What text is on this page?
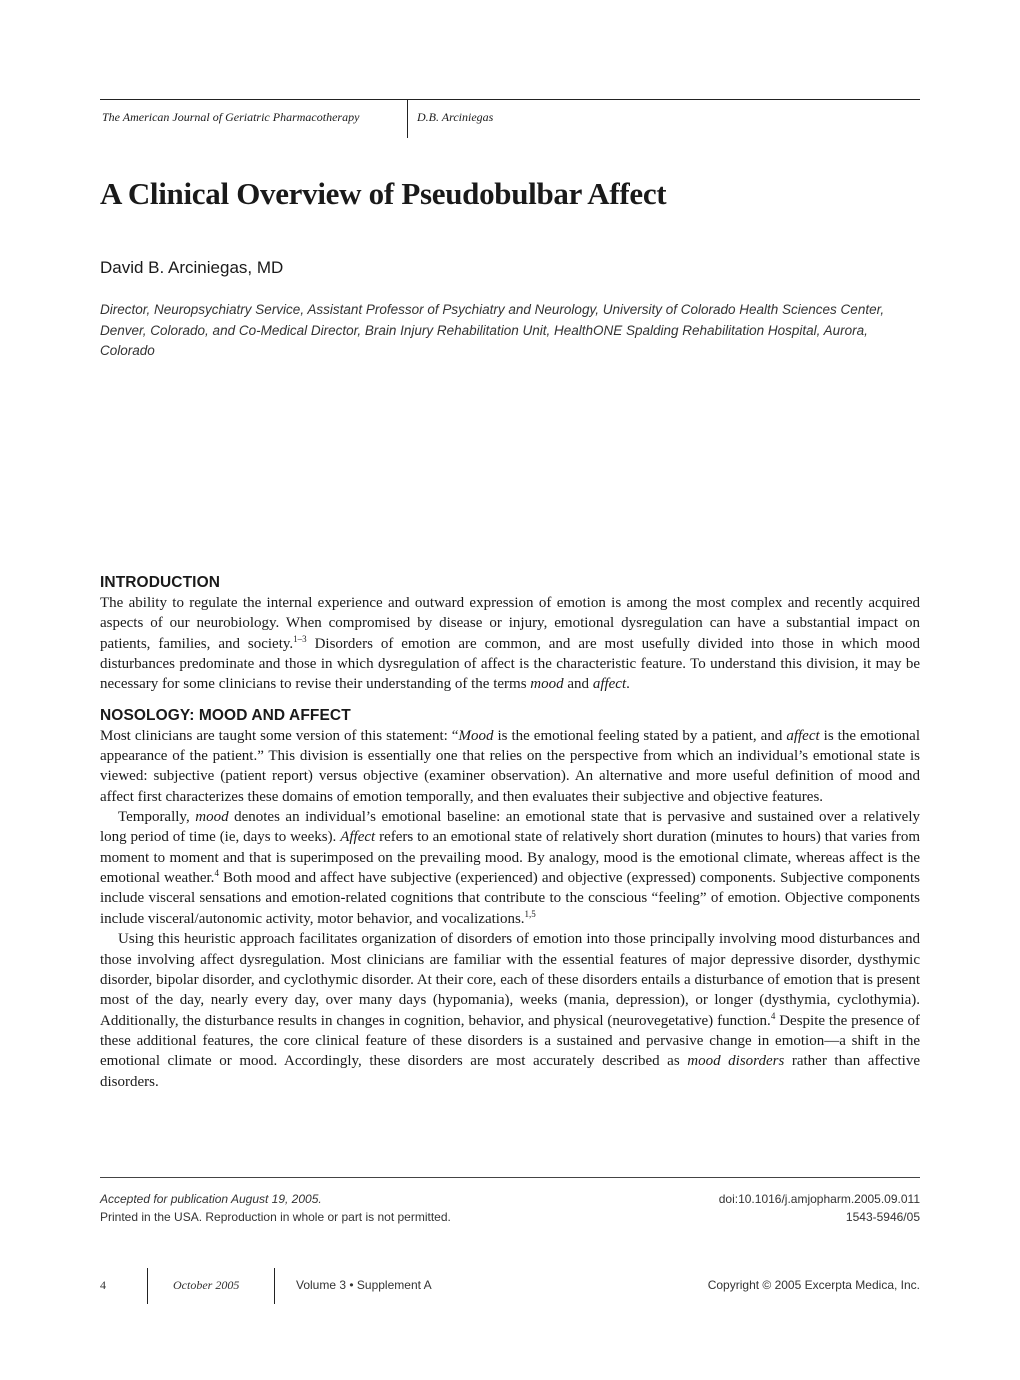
The American Journal of Geriatric Pharmacotherapy	D.B. Arciniegas
A Clinical Overview of Pseudobulbar Affect
David B. Arciniegas, MD
Director, Neuropsychiatry Service, Assistant Professor of Psychiatry and Neurology, University of Colorado Health Sciences Center, Denver, Colorado, and Co-Medical Director, Brain Injury Rehabilitation Unit, HealthONE Spalding Rehabilitation Hospital, Aurora, Colorado
INTRODUCTION

The ability to regulate the internal experience and outward expression of emotion is among the most complex and recently acquired aspects of our neurobiology. When compromised by disease or injury, emotional dysregulation can have a substantial impact on patients, families, and society.$^{1-3}$ Disorders of emotion are common, and are most usefully divided into those in which mood disturbances predominate and those in which dysregulation of affect is the characteristic feature. To understand this division, it may be necessary for some clinicians to revise their understanding of the terms mood and affect.

NOSOLOGY: MOOD AND AFFECT

Most clinicians are taught some version of this statement: “Mood is the emotional feeling stated by a patient, and affect is the emotional appearance of the patient.” This division is essentially one that relies on the perspective from which an individual’s emotional state is viewed: subjective (patient report) versus objective (examiner observation). An alternative and more useful definition of mood and affect first characterizes these domains of emotion temporally, and then evaluates their subjective and objective features.

Temporally, mood denotes an individual’s emotional baseline: an emotional state that is pervasive and sustained over a relatively long period of time (ie, days to weeks). Affect refers to an emotional state of relatively short duration (minutes to hours) that varies from moment to moment and that is superimposed on the prevailing mood. By analogy, mood is the emotional climate, whereas affect is the emotional weather.$^4$ Both mood and affect have subjective (experienced) and objective (expressed) components. Subjective components include visceral sensations and emotion-related cognitions that contribute to the conscious “feeling” of emotion. Objective components include visceral/autonomic activity, motor behavior, and vocalizations.$^{1,5}$

Using this heuristic approach facilitates organization of disorders of emotion into those principally involving mood disturbances and those involving affect dysregulation. Most clinicians are familiar with the essential features of major depressive disorder, dysthymic disorder, bipolar disorder, and cyclothymic disorder. At their core, each of these disorders entails a disturbance of emotion that is present most of the day, nearly every day, over many days (hypomania), weeks (mania, depression), or longer (dysthymia, cyclothymia). Additionally, the disturbance results in changes in cognition, behavior, and physical (neurovegetative) function.$^4$ Despite the presence of these additional features, the core clinical feature of these disorders is a sustained and pervasive change in emotion—a shift in the emotional climate or mood. Accordingly, these disorders are most accurately described as mood disorders rather than affective disorders.

Accepted for publication August 19, 2005.
Printed in the USA. Reproduction in whole or part is not permitted.
doi:10.1016/j.amjopharm.2005.09.011
1543-5946/05
4	October 2005	Volume 3 • Supplement A	Copyright © 2005 Excerpta Medica, Inc.
